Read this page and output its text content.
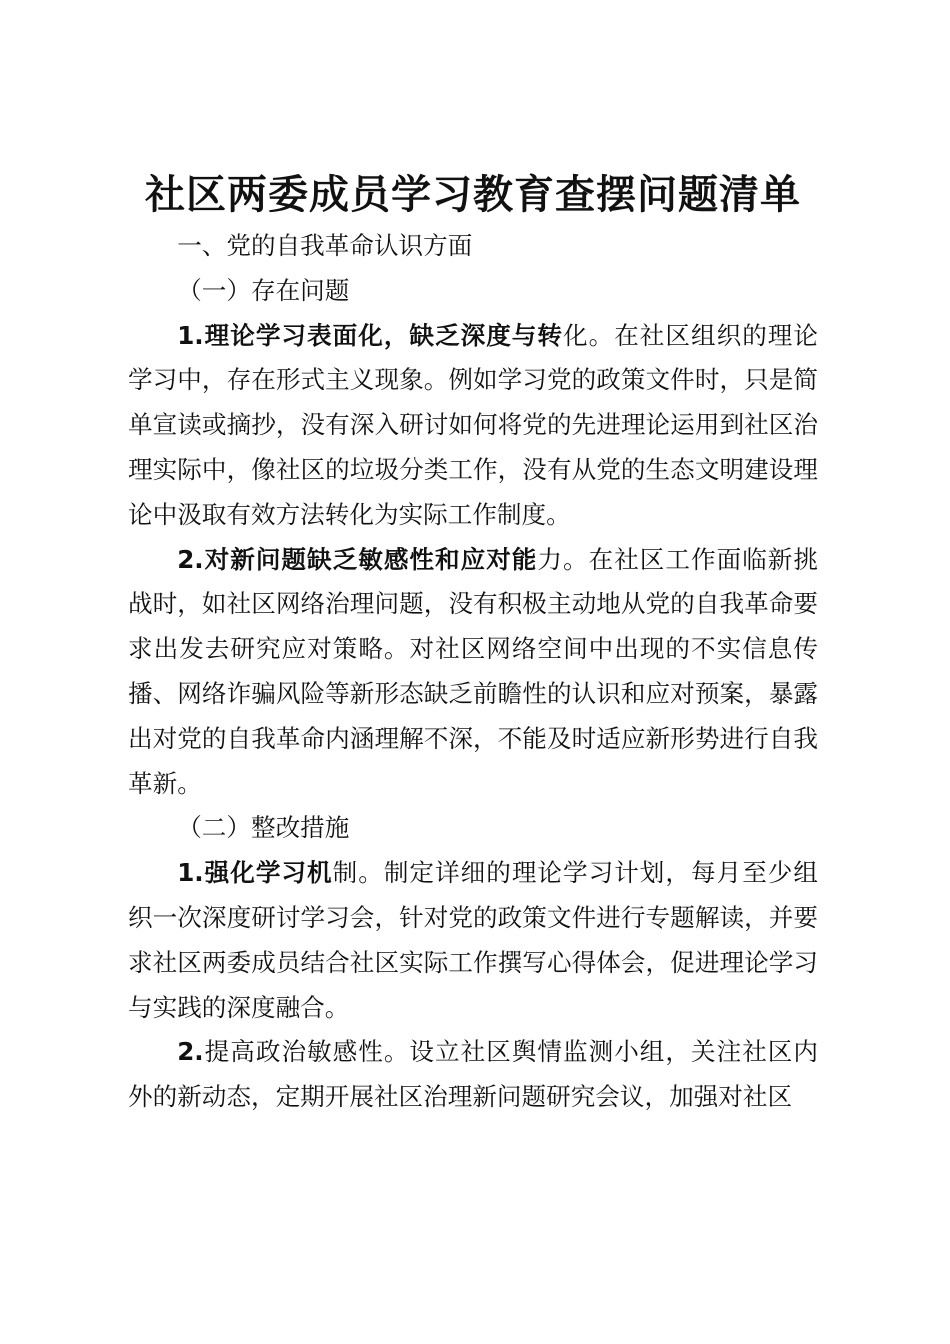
社区两委成员学习教育查摆问题清单

一、党的自我革命认识方面

（一）存在问题

1.理论学习表面化，缺乏深度与转化。在社区组织的理论学习中，存在形式主义现象。例如学习党的政策文件时，只是简单宣读或摘抄，没有深入研讨如何将党的先进理论运用到社区治理实际中，像社区的垃圾分类工作，没有从党的生态文明建设理论中汲取有效方法转化为实际工作制度。

2.对新问题缺乏敏感性和应对能力。在社区工作面临新挑战时，如社区网络治理问题，没有积极主动地从党的自我革命要求出发去研究应对策略。对社区网络空间中出现的不实信息传播、网络诈骗风险等新形态缺乏前瞻性的认识和应对预案，暴露出对党的自我革命内涵理解不深，不能及时适应新形势进行自我革新。

（二）整改措施

1.强化学习机制。制定详细的理论学习计划，每月至少组织一次深度研讨学习会，针对党的政策文件进行专题解读，并要求社区两委成员结合社区实际工作撰写心得体会，促进理论学习与实践的深度融合。

2.提高政治敏感性。设立社区舆情监测小组，关注社区内外的新动态，定期开展社区治理新问题研究会议，加强对社区
